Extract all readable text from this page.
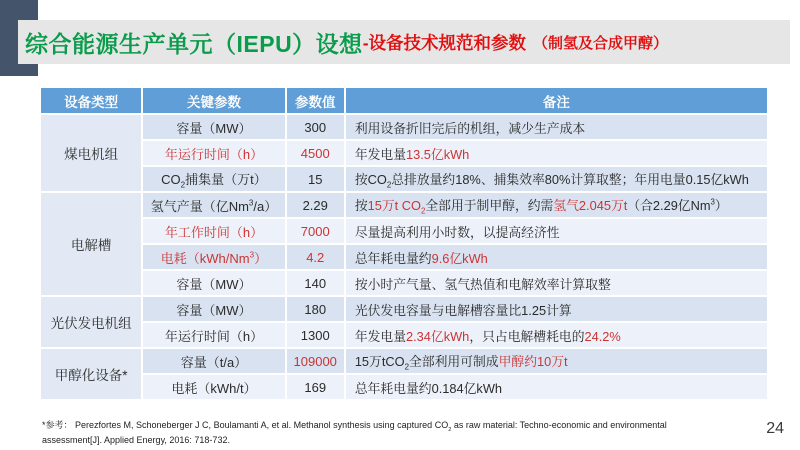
综合能源生产单元（IEPU）设想 -设备技术规范和参数 （制氢及合成甲醇）
设备类型	关键参数	参数值	备注
煤电机组	容量（MW）	300	利用设备折旧完后的机组，减少生产成本
	年运行时间（h）	4500	年发电量13.5亿kWh
	$CO_2$捕集量（万t）	15	按$CO_2$总排放量约18%、捕集效率80%计算取整；年用电量0.15亿kWh
电解槽	氢气产量（亿Nm$^3$/a）	2.29	按15万t $CO_2$全部用于制甲醇，约需氢气2.045万t（合2.29亿Nm$^3$）
	年工作时间（h）	7000	尽量提高利用小时数，以提高经济性
	电耗（kWh/Nm$^3$）	4.2	总年耗电量约9.6亿kWh
	容量（MW）	140	按小时产气量、氢气热值和电解效率计算取整
光伏发电机组	容量（MW）	180	光伏发电容量与电解槽容量比1.25计算
	年运行时间（h）	1300	年发电量2.34亿kWh，只占电解槽耗电的24.2%
甲醇化设备*	容量（t/a）	109000	15万tCO$_2$全部利用可制成甲醇约10万t
	电耗（kWh/t）	169	总年耗电量约0.184亿kWh
*参考： Perezfortes M, Schoneberger J C, Boulamanti A, et al. Methanol synthesis using captured $CO_2$ as raw material: Techno-economic and environmental assessment[J]. Applied Energy, 2016: 718-732.
24
